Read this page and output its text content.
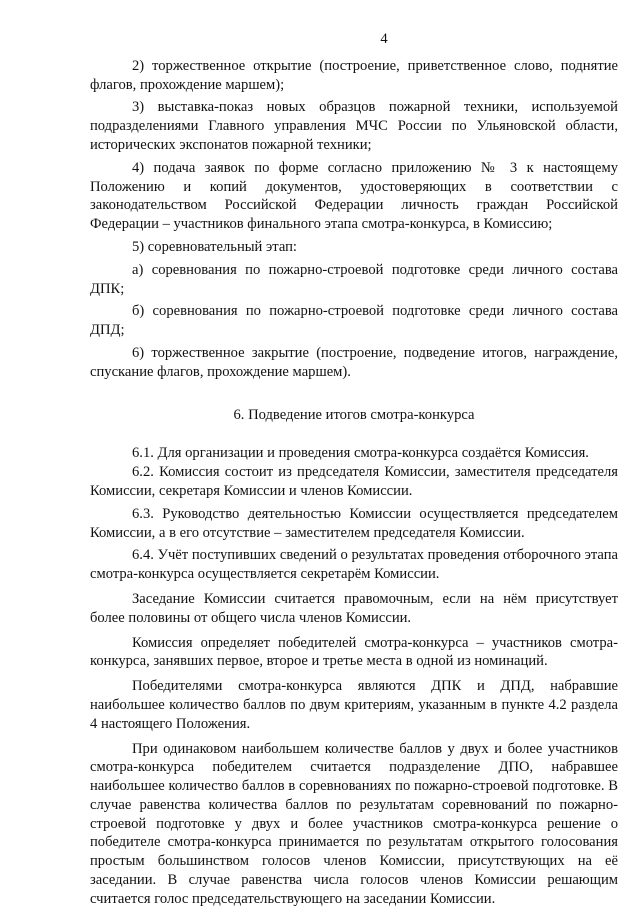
4

2) торжественное открытие (построение, приветственное слово, поднятие флагов, прохождение маршем);

3) выставка-показ новых образцов пожарной техники, используемой подразделениями Главного управления МЧС России по Ульяновской области, исторических экспонатов пожарной техники;

4) подача заявок по форме согласно приложению № 3 к настоящему Положению и копий документов, удостоверяющих в соответствии с законодательством Российской Федерации личность граждан Российской Федерации – участников финального этапа смотра-конкурса, в Комиссию;

5) соревновательный этап:

а) соревнования по пожарно-строевой подготовке среди личного состава ДПК;

б) соревнования по пожарно-строевой подготовке среди личного состава ДПД;

6) торжественное закрытие (построение, подведение итогов, награждение, спускание флагов, прохождение маршем).

6. Подведение итогов смотра-конкурса

6.1. Для организации и проведения смотра-конкурса создаётся Комиссия.

6.2. Комиссия состоит из председателя Комиссии, заместителя председателя Комиссии, секретаря Комиссии и членов Комиссии.

6.3. Руководство деятельностью Комиссии осуществляется председателем Комиссии, а в его отсутствие – заместителем председателя Комиссии.

6.4. Учёт поступивших сведений о результатах проведения отборочного этапа смотра-конкурса осуществляется секретарём Комиссии.

Заседание Комиссии считается правомочным, если на нём присутствует более половины от общего числа членов Комиссии.

Комиссия определяет победителей смотра-конкурса – участников смотра-конкурса, занявших первое, второе и третье места в одной из номинаций.

Победителями смотра-конкурса являются ДПК и ДПД, набравшие наибольшее количество баллов по двум критериям, указанным в пункте 4.2 раздела 4 настоящего Положения.

При одинаковом наибольшем количестве баллов у двух и более участников смотра-конкурса победителем считается подразделение ДПО, набравшее наибольшее количество баллов в соревнованиях по пожарно-строевой подготовке. В случае равенства количества баллов по результатам соревнований по пожарно-строевой подготовке у двух и более участников смотра-конкурса решение о победителе смотра-конкурса принимается по результатам открытого голосования простым большинством голосов членов Комиссии, присутствующих на её заседании. В случае равенства числа голосов членов Комиссии решающим считается голос председательствующего на заседании Комиссии.
